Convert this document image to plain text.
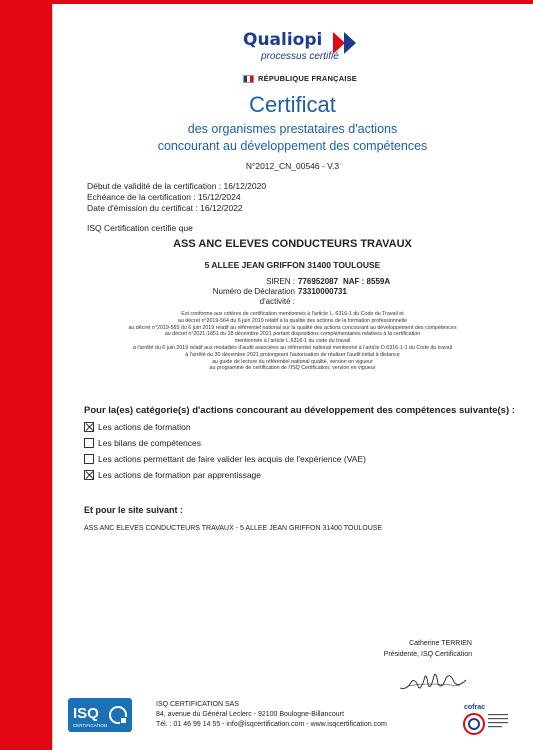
Qualiopi
processus certifié
RÉPUBLIQUE FRANÇAISE
Certificat
des organismes prestataires d'actions
concourant au développement des compétences
N°2012_CN_00546 - V.3
Début de validité de la certification : 16/12/2020
Echéance de la certification : 15/12/2024
Date d'émission du certificat : 16/12/2022
ISQ Certification certifie que
ASS ANC ELEVES CONDUCTEURS TRAVAUX
5 ALLEE JEAN GRIFFON 31400 TOULOUSE
SIREN :
Numéro de Déclaration d'activité :
776952087
73310000731
NAF : 8559A
Est conforme aux critères de certification mentionnés à l'article L. 6316-1 du Code du Travail et
au décret n°2019-564 du 6 juin 2019 relatif à la qualité des actions de la formation professionnelle
au décret n°2019-565 du 6 juin 2019 relatif au référentiel national sur la qualité des actions concourant au développement des compétences
au décret n°2021-1851 du 28 décembre 2021 portant dispositions complémentaires relatives à la certification
mentionnée à l'article L.6316-1 du code du travail
à l'arrêté du 6 juin 2019 relatif aux modalités d'audit associées au référentiel national mentionné à l'article D.6316-1-1 du Code du travail
à l'arrêté du 30 décembre 2021 prolongeant l'autorisation de réaliser l'audit initial à distance
au guide de lecture du référentiel national qualité, version en vigueur
au programme de certification de l'ISQ Certification, version en vigueur
Pour la(es) catégorie(s) d'actions concourant au développement des compétences suivante(s) :
Les actions de formation
Les bilans de compétences
Les actions permettant de faire valider les acquis de l'expérience (VAE)
Les actions de formation par apprentissage
Et pour le site suivant :
ASS ANC ELEVES CONDUCTEURS TRAVAUX - 5 ALLEE JEAN GRIFFON 31400 TOULOUSE
Catherine TERRIEN
Présidente, ISQ Certification
ISQ
CERTIFICATION
ISQ CERTIFICATION SAS
84, avenue du Général Leclerc - 92100 Boulogne-Billancourt
Tél. : 01 46 99 14 55 - info@isqcertification.com - www.isqcertification.com
cofrac
